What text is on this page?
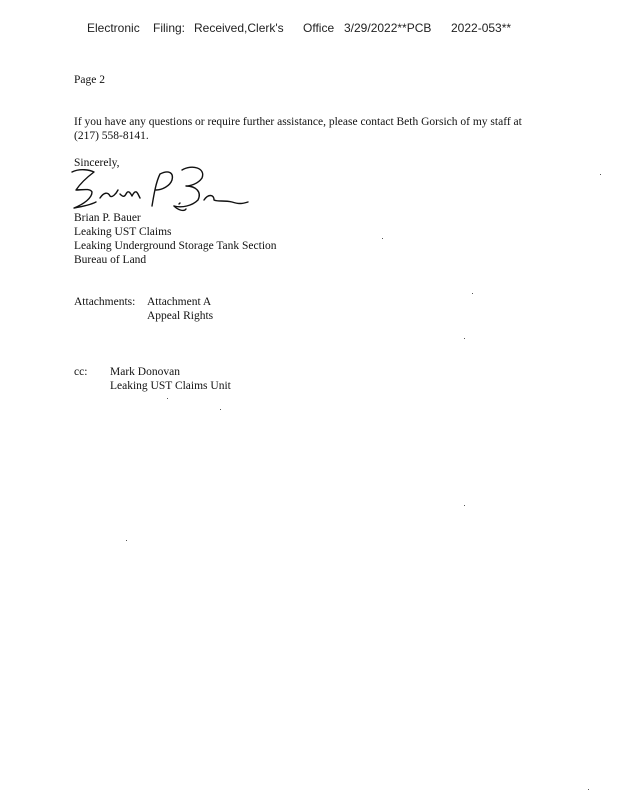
Electronic Filing: Received,Clerk's Office 3/29/2022**PCB 2022-053**
Page 2
If you have any questions or require further assistance, please contact Beth Gorsich of my staff at
(217) 558-8141.
Sincerely,
Brian P. Bauer
Leaking UST Claims
Leaking Underground Storage Tank Section
Bureau of Land
Attachments: Attachment A
Appeal Rights
cc: Mark Donovan
Leaking UST Claims Unit
